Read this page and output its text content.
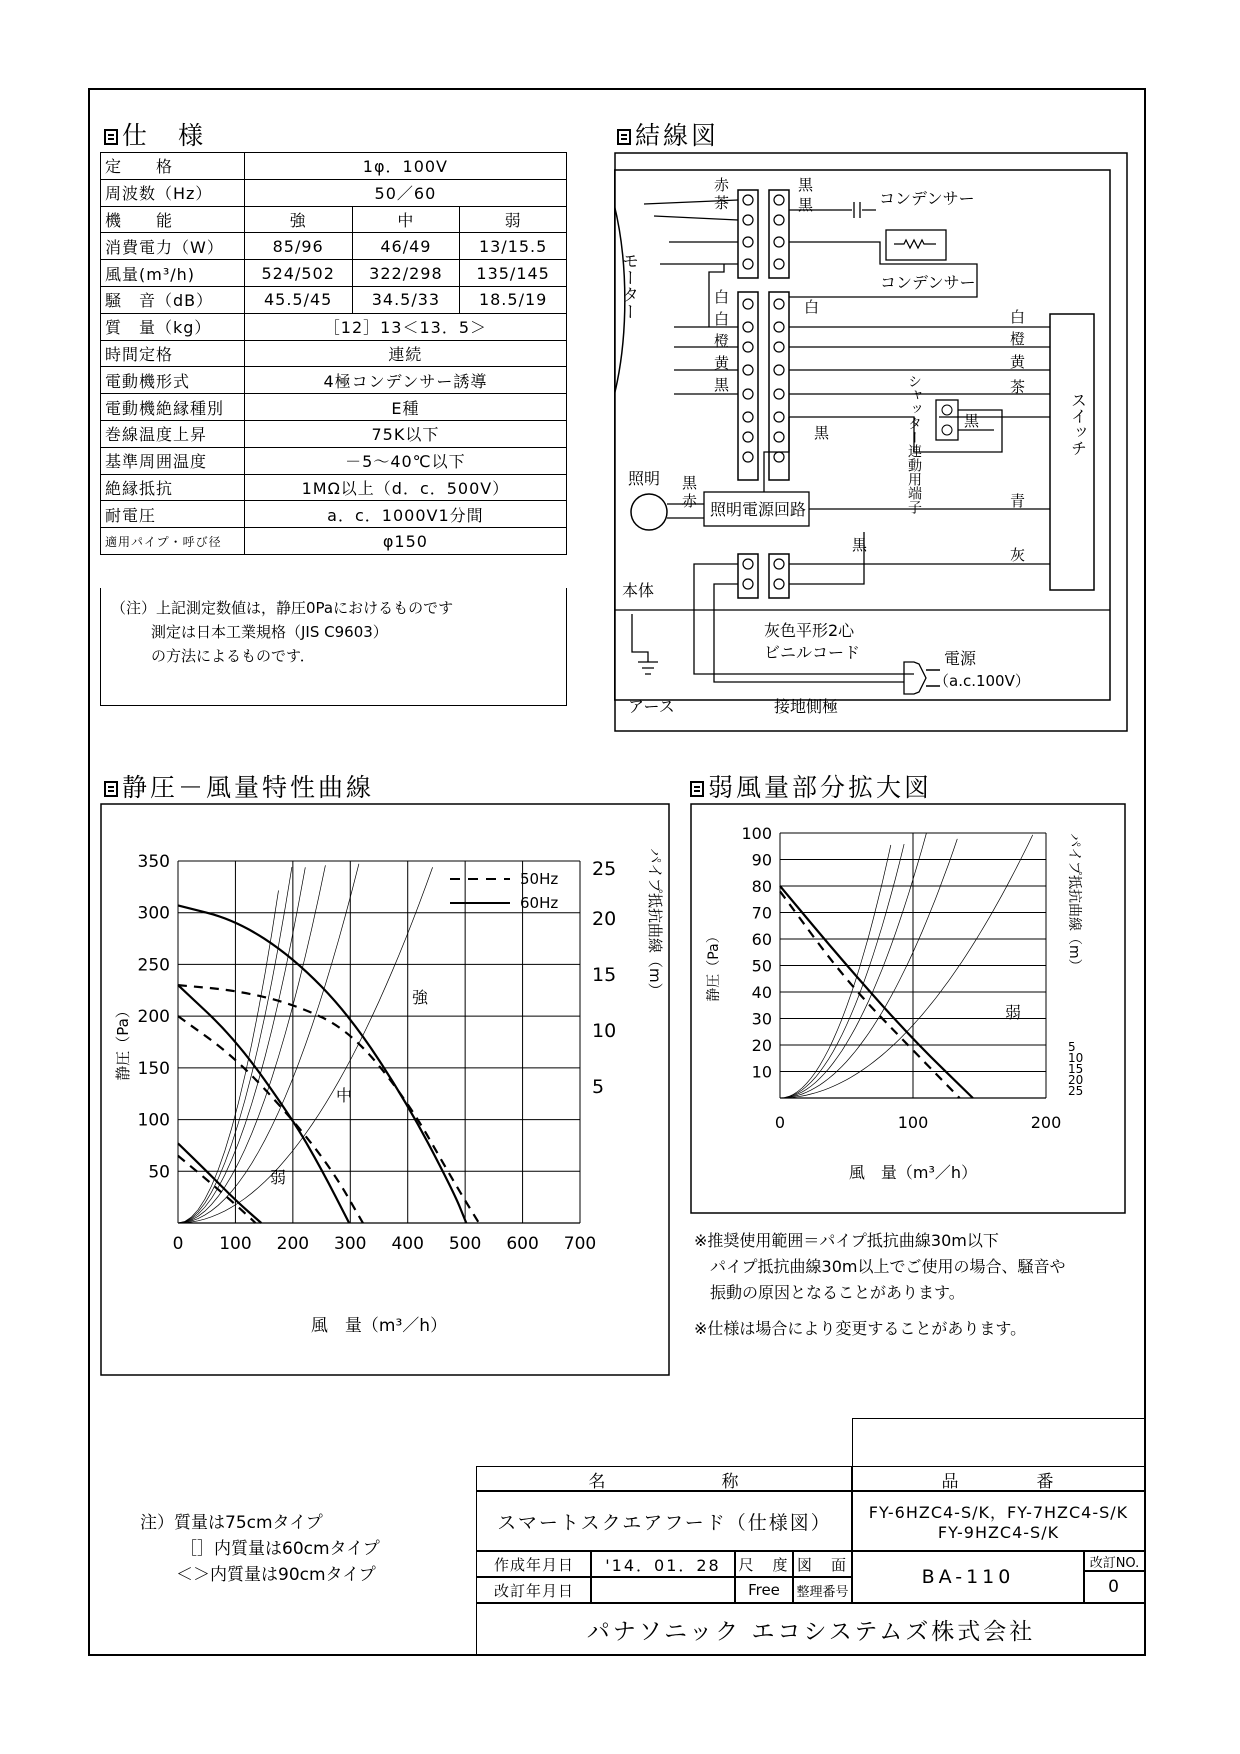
仕　様	結線図
静圧－風量特性曲線	弱風量部分拡大図
定　　格	1φ．100V		
周波数（Hz）	50／60		
機　　能	強	中	弱
消費電力（W）	85/96	46/49	13/15.5
風量(m³/h)	524/502	322/298	135/145
騒　音（dB）	45.5/45	34.5/33	18.5/19
質　量（kg）	［12］13＜13．5＞		
時間定格	連続		
電動機形式	4極コンデンサー誘導		
電動機絶縁種別	E種		
巻線温度上昇	75K以下		
基準周囲温度	－5～40℃以下		
絶縁抵抗	1MΩ以上（d．c．500V）		
耐電圧	a．c．1000V1分間		
適用パイプ・呼び径	φ150		
（注）上記測定数値は，静圧0Paにおけるものです
測定は日本工業規格（JIS C9603）
の方法によるものです．
コンデンサー
コンデンサー
スイッチ
シャッター連動用端子
照明
照明電源回路
電源
（a.c.100V）
本体
アース
灰色平形2心
ビニルコード
接地側極
モーター
赤
茶
黒
黒
白
白
橙
黄
黒
白
黒
黒
黒
赤
黒
白
橙
黄
茶
青
灰
0 100 200 300 400 500 600 700
50
100
150
200
250
300
350
5
10
15
20
25
風　量（m³／h）
静圧（Pa）
パイプ抵抗曲線（m）
50Hz
60Hz
強
中
弱
0	100	200
10
20
30
40
50
60
70
80
90
100
5
10
15
20
25
風　量（m³／h）
静圧（Pa）	パイプ抵抗曲線（m）
弱
※推奨使用範囲＝パイプ抵抗曲線30m以下
パイプ抵抗曲線30m以上でご使用の場合、騒音や
振動の原因となることがあります。
※仕様は場合により変更することがあります。
注）質量は75cmタイプ
［］内質量は60cmタイプ
＜＞内質量は90cmタイプ
名　　　　　　称	品　　　　番
スマートスクエアフード（仕様図）	FY-6HZC4-S/K，FY-7HZC4-S/K
FY-9HZC4-S/K
作成年月日	'14．01．28	尺　度 図　面
改訂年月日	Free	整理番号
BA-110
改訂NO.
0
パナソニック エコシステムズ株式会社
